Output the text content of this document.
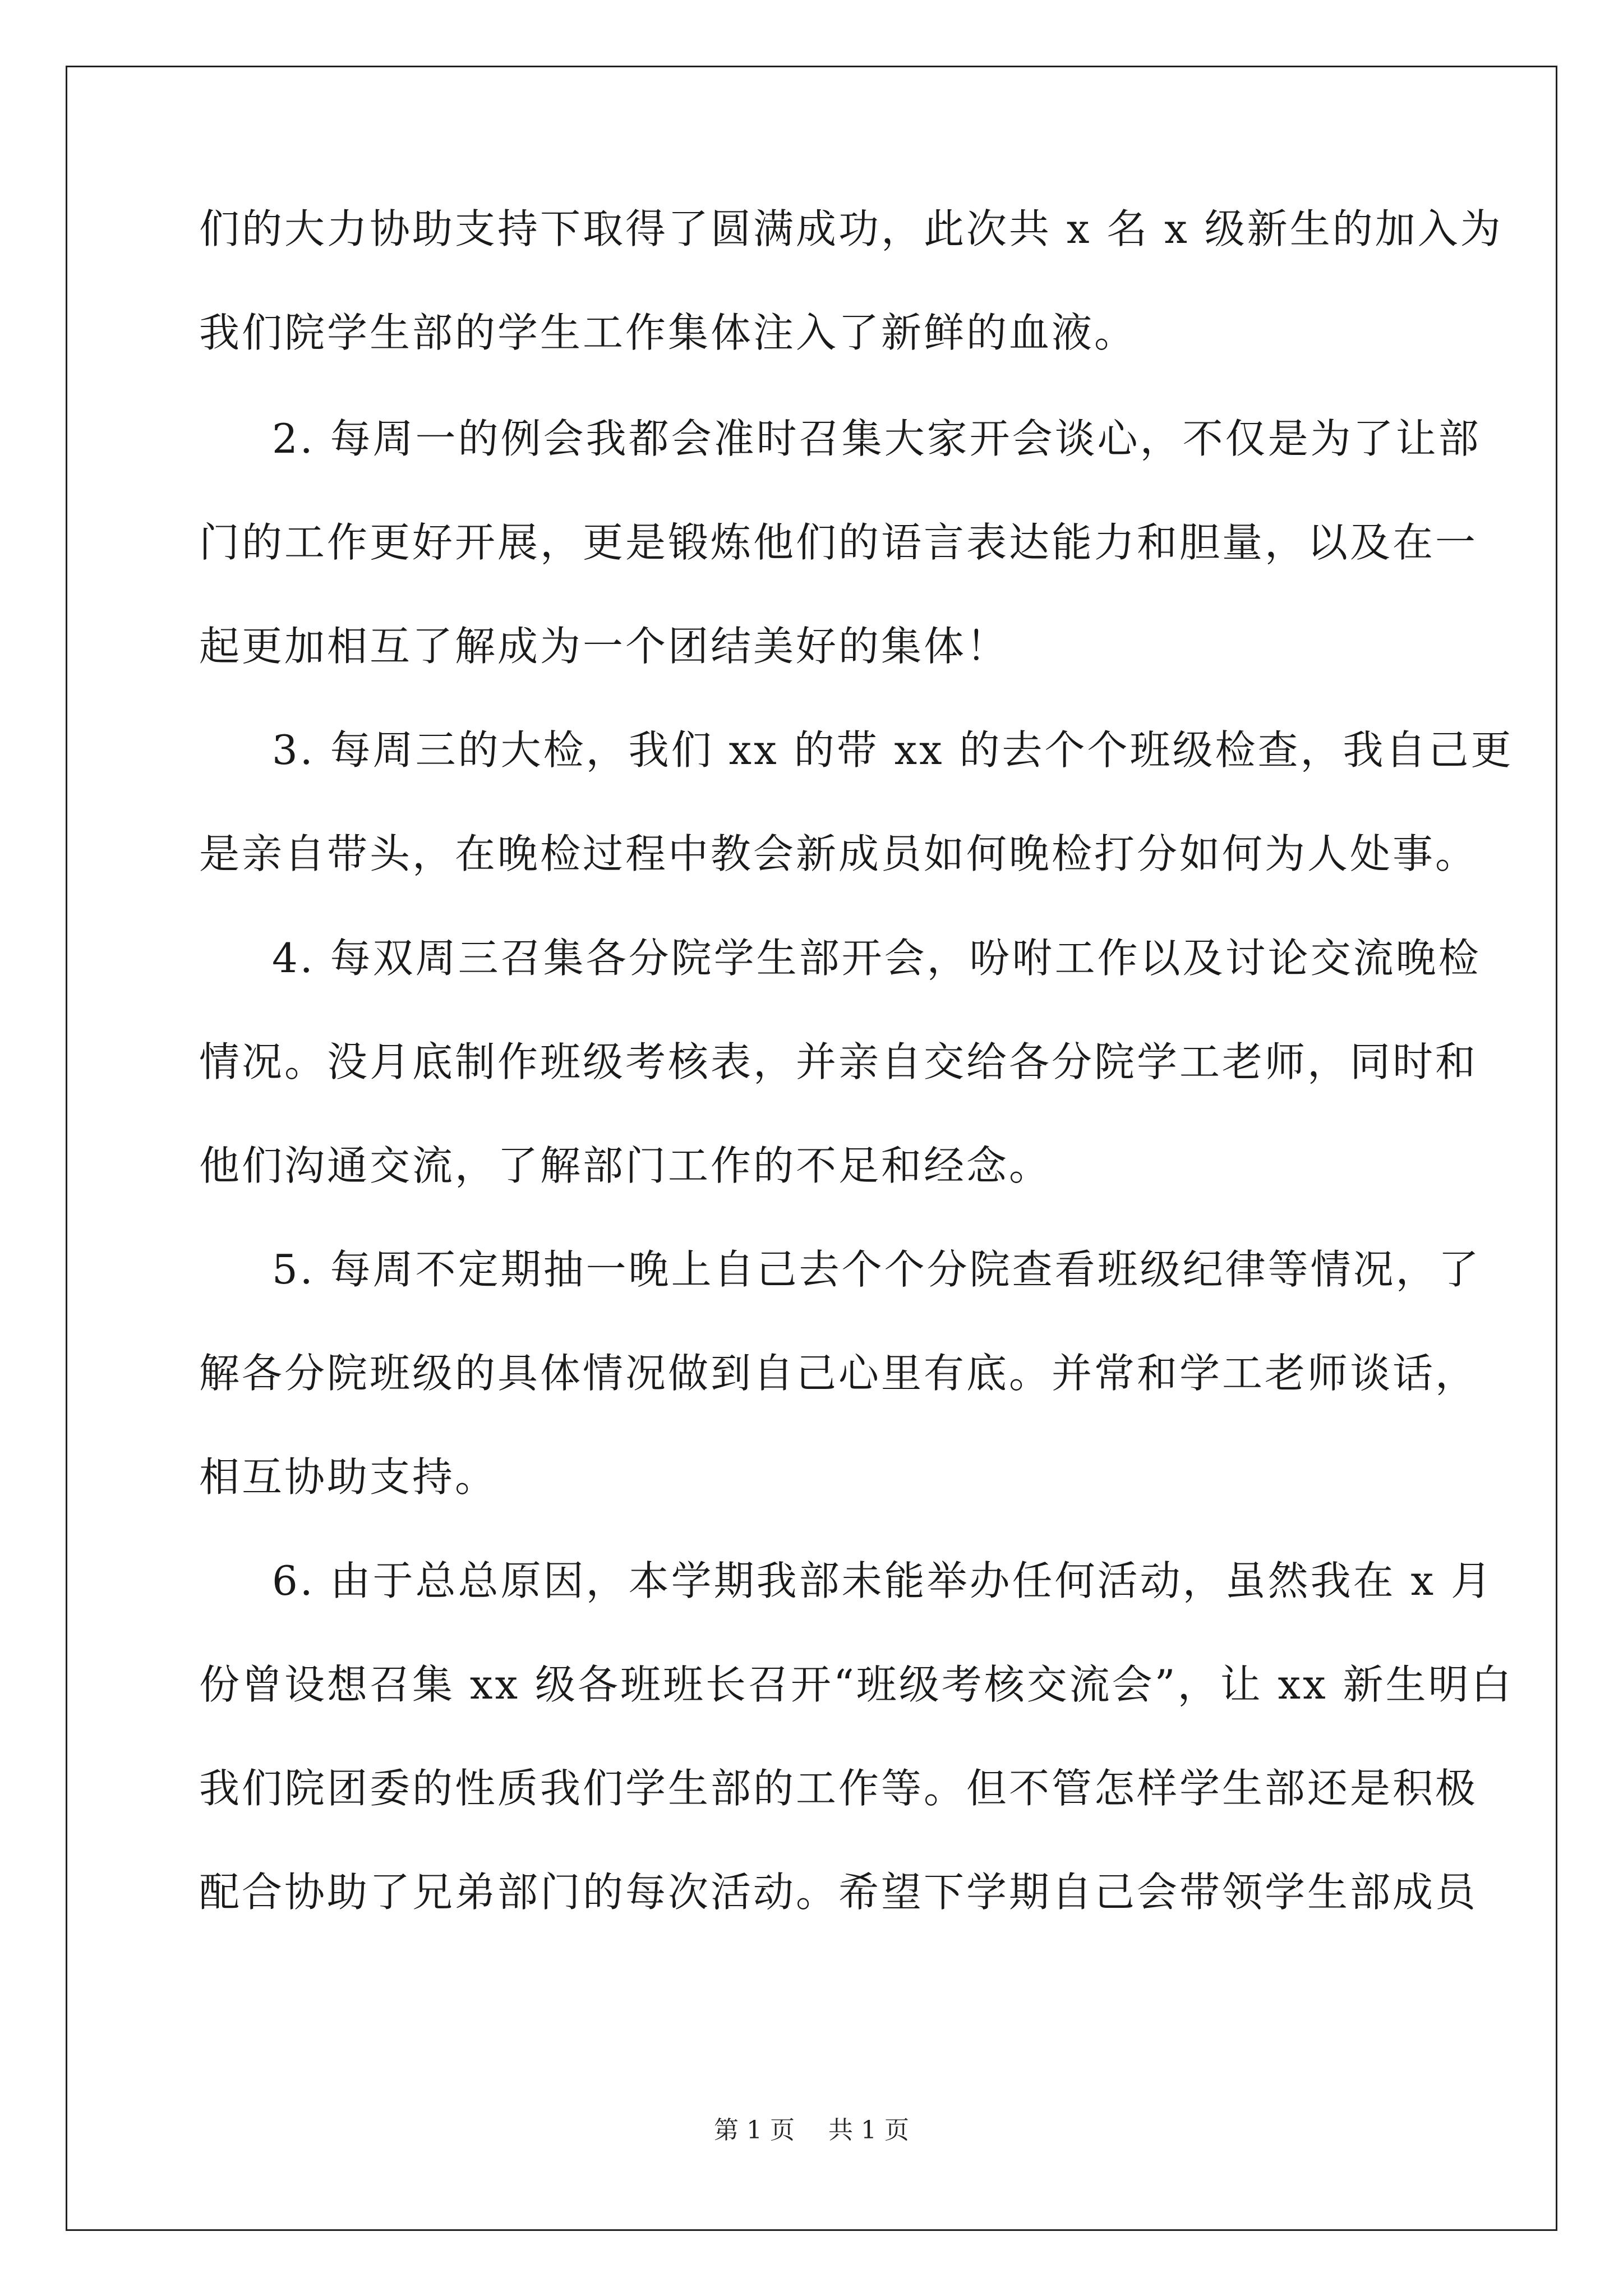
们的大力协助支持下取得了圆满成功，此次共 x 名 x 级新生的加入为
我们院学生部的学生工作集体注入了新鲜的血液。
2. 每周一的例会我都会准时召集大家开会谈心，不仅是为了让部
门的工作更好开展，更是锻炼他们的语言表达能力和胆量，以及在一
起更加相互了解成为一个团结美好的集体！
3. 每周三的大检，我们 xx 的带 xx 的去个个班级检查，我自己更
是亲自带头，在晚检过程中教会新成员如何晚检打分如何为人处事。
4. 每双周三召集各分院学生部开会，吩咐工作以及讨论交流晚检
情况。没月底制作班级考核表，并亲自交给各分院学工老师，同时和
他们沟通交流，了解部门工作的不足和经念。
5. 每周不定期抽一晚上自己去个个分院查看班级纪律等情况，了
解各分院班级的具体情况做到自己心里有底。并常和学工老师谈话，
相互协助支持。
6. 由于总总原因，本学期我部未能举办任何活动，虽然我在 x 月
份曾设想召集 xx 级各班班长召开“班级考核交流会”，让 xx 新生明白
我们院团委的性质我们学生部的工作等。但不管怎样学生部还是积极
配合协助了兄弟部门的每次活动。希望下学期自己会带领学生部成员
第 1 页 共 1 页
